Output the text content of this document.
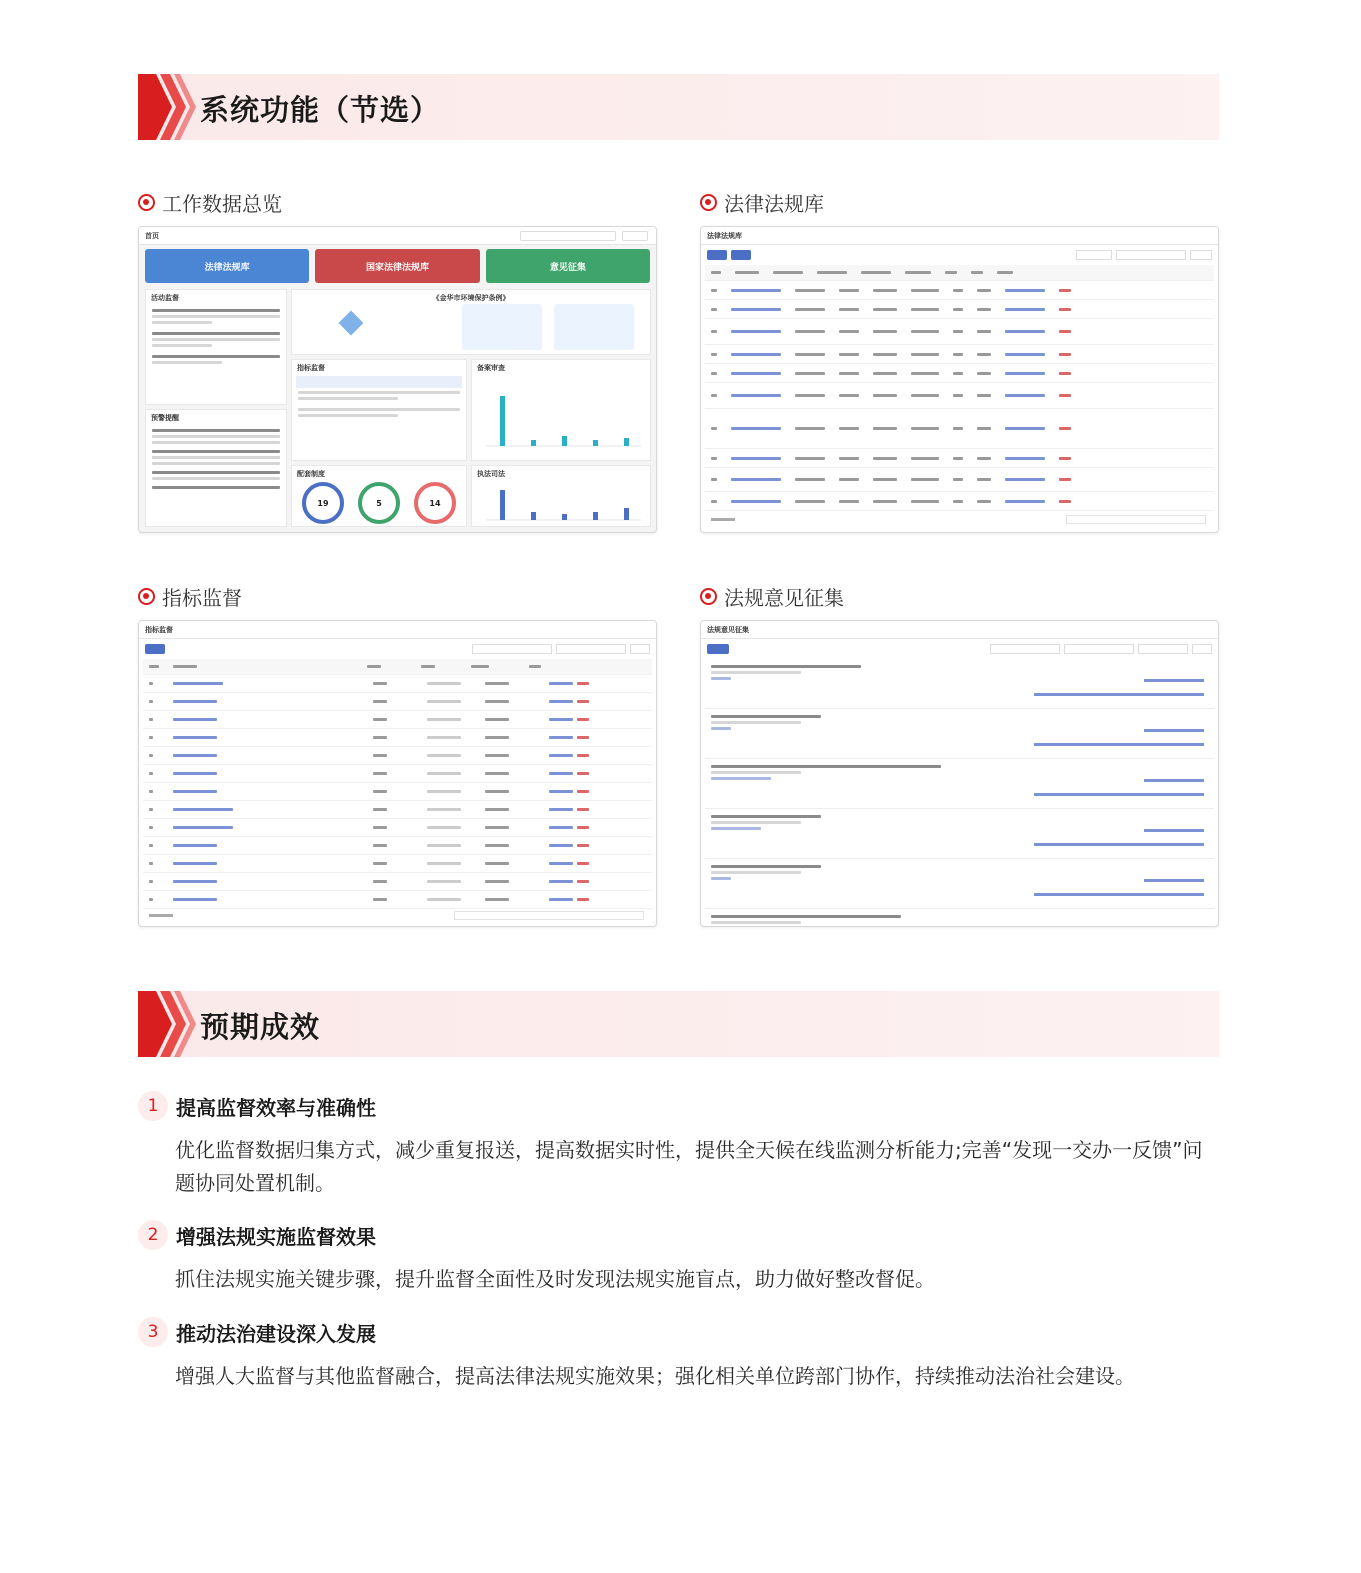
系统功能（节选）
工作数据总览
首页
法律法规库	国家法律法规库	意见征集
活动监督
预警提醒
《金华市环境保护条例》
指标监督	备案审查
配套制度
19	5	14
执法司法
法律法规库
法律法规库
指标监督
指标监督
法规意见征集
法规意见征集
预期成效
1 提高监督效率与准确性
优化监督数据归集方式，减少重复报送，提高数据实时性，提供全天候在线监测分析能力;完善“发现一交办一反馈”问题协同处置机制。
2 增强法规实施监督效果
抓住法规实施关键步骤，提升监督全面性及时发现法规实施盲点，助力做好整改督促。
3 推动法治建设深入发展
增强人大监督与其他监督融合，提高法律法规实施效果；强化相关单位跨部门协作，持续推动法治社会建设。
